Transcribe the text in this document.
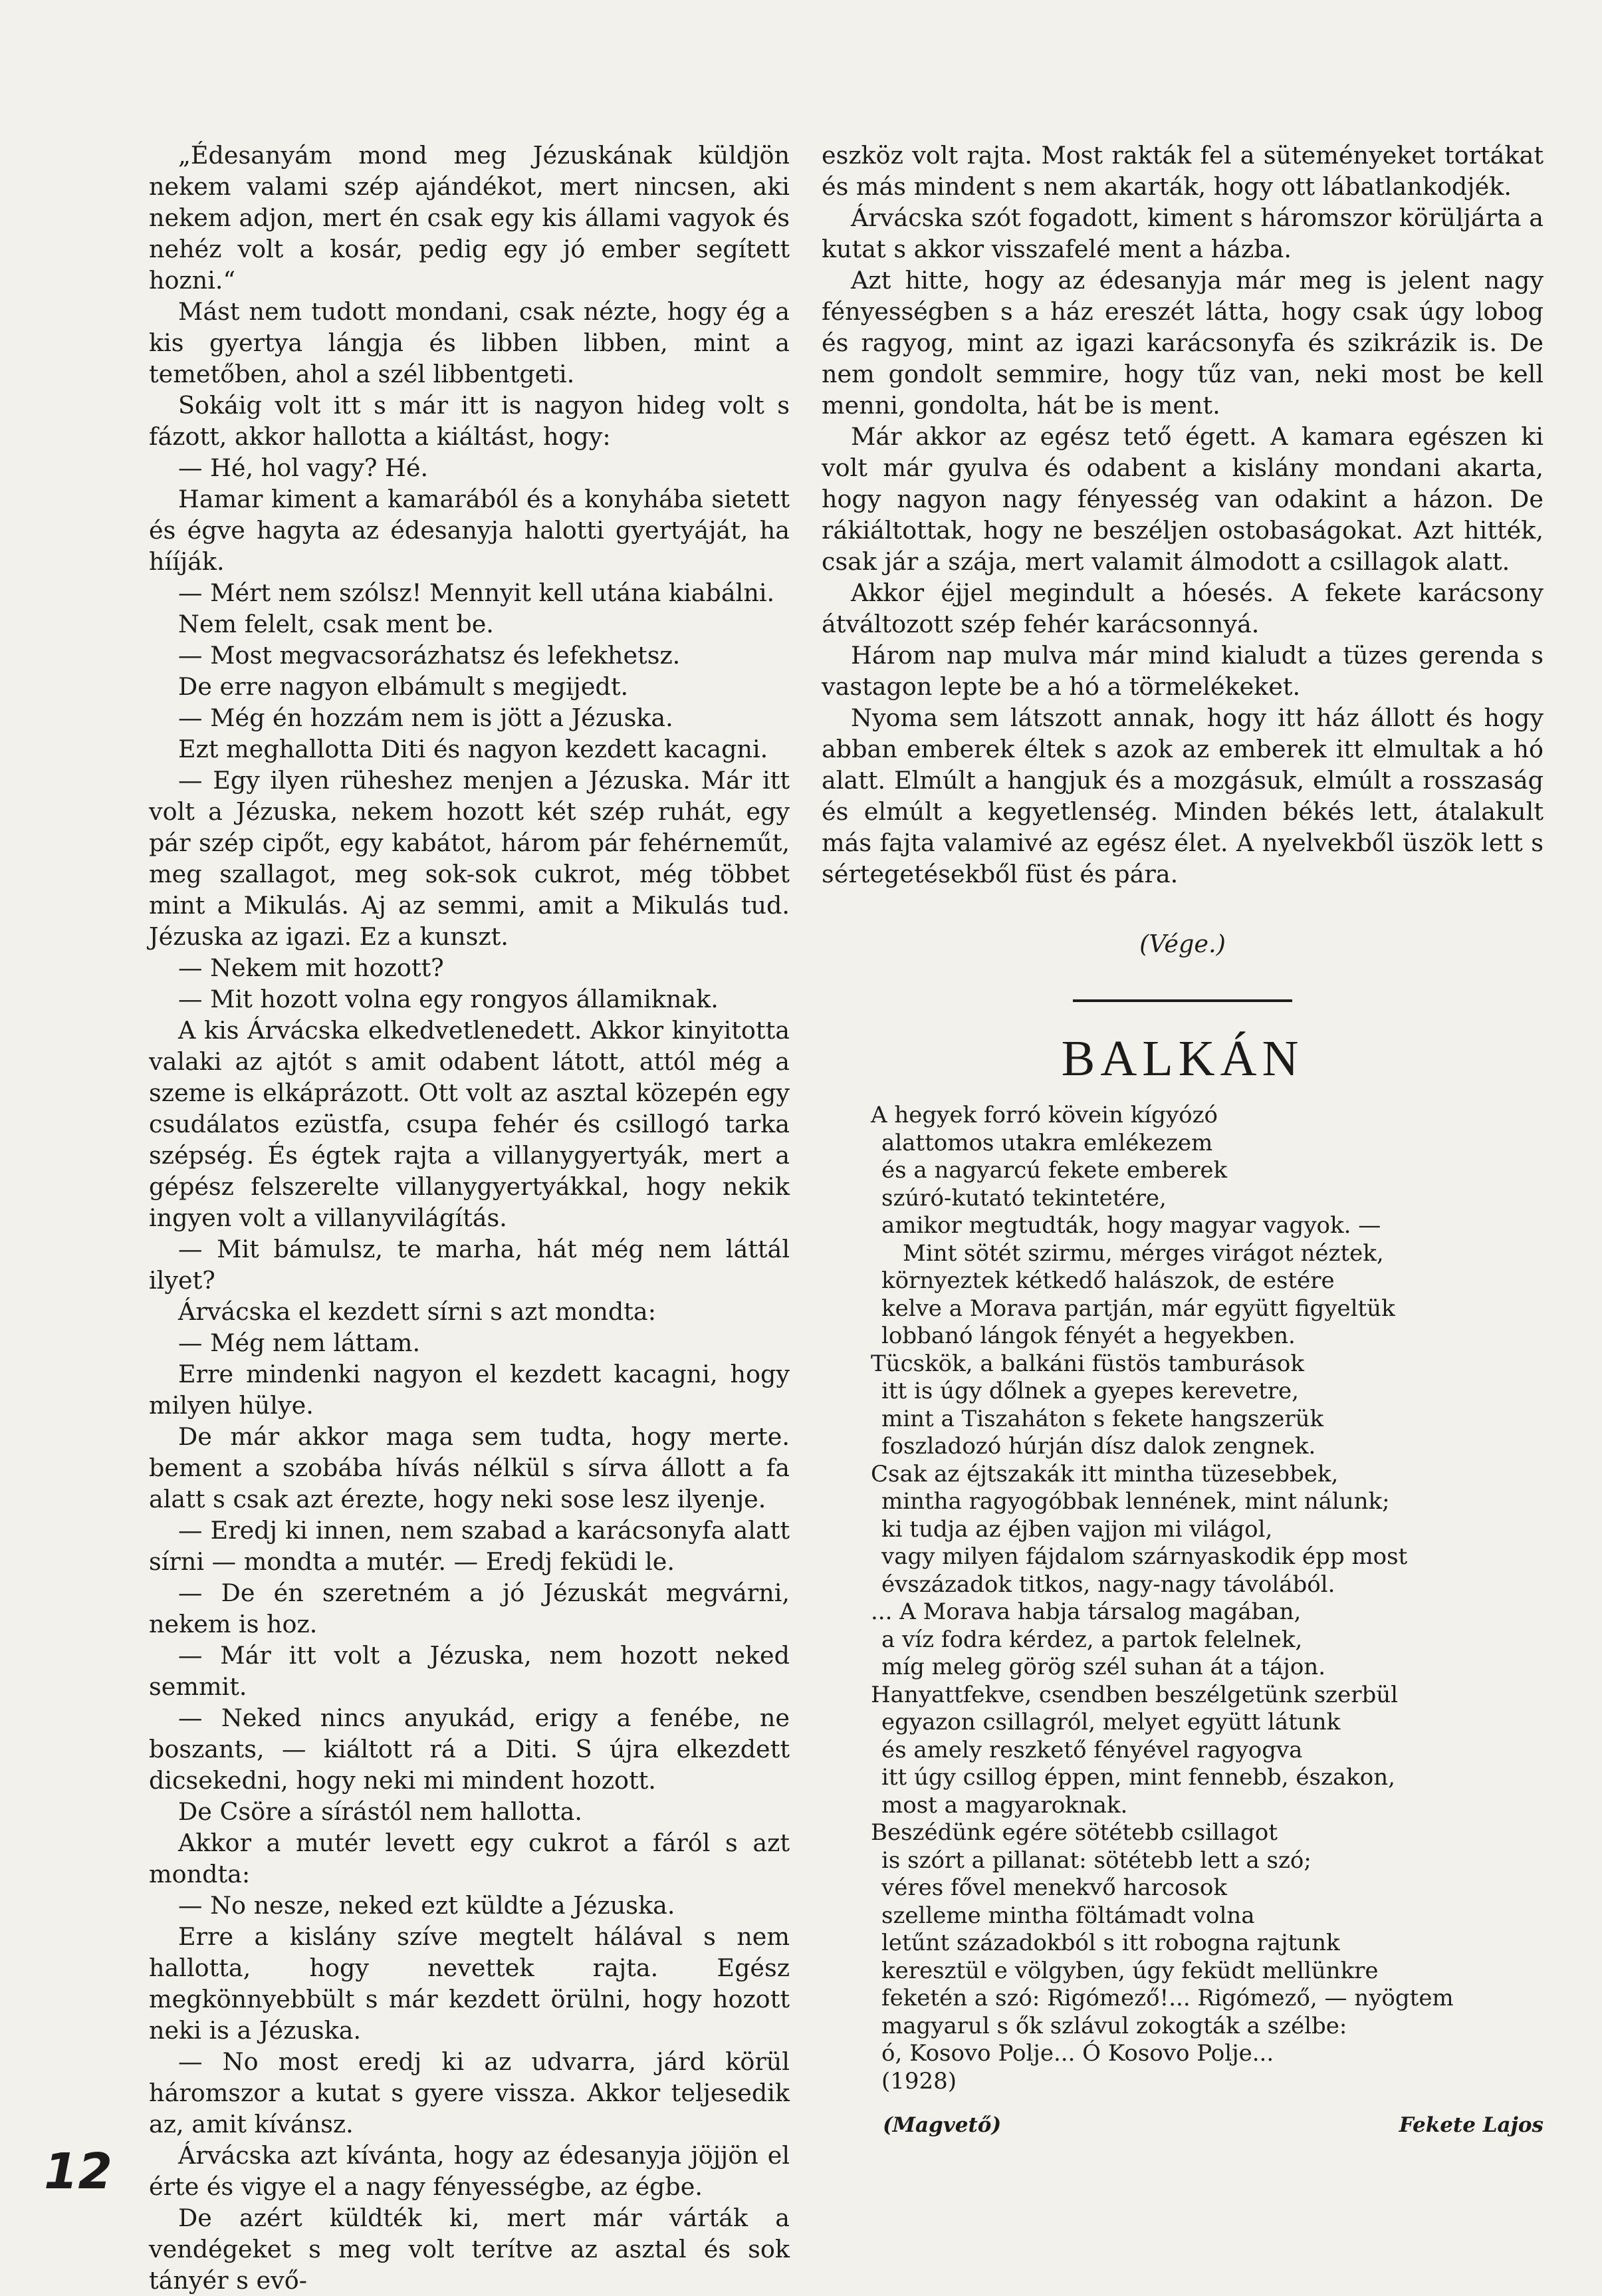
„Édesanyám mond meg Jézuskának küldjön nekem valami szép ajándékot, mert nincsen, aki nekem adjon, mert én csak egy kis állami vagyok és nehéz volt a kosár, pedig egy jó ember segített hozni.“

Mást nem tudott mondani, csak nézte, hogy ég a kis gyertya lángja és libben libben, mint a temetőben, ahol a szél libbentgeti.

Sokáig volt itt s már itt is nagyon hideg volt s fázott, akkor hallotta a kiáltást, hogy:

— Hé, hol vagy? Hé.

Hamar kiment a kamarából és a konyhába sietett és égve hagyta az édesanyja halotti gyertyáját, ha hííják.

— Mért nem szólsz! Mennyit kell utána kiabálni.

Nem felelt, csak ment be.

— Most megvacsorázhatsz és lefekhetsz.

De erre nagyon elbámult s megijedt.

— Még én hozzám nem is jött a Jézuska.

Ezt meghallotta Diti és nagyon kezdett kacagni.

— Egy ilyen rüheshez menjen a Jézuska. Már itt volt a Jézuska, nekem hozott két szép ruhát, egy pár szép cipőt, egy kabátot, három pár fehérneműt, meg szallagot, meg sok-sok cukrot, még többet mint a Mikulás. Aj az semmi, amit a Mikulás tud. Jézuska az igazi. Ez a kunszt.

— Nekem mit hozott?

— Mit hozott volna egy rongyos államiknak.

A kis Árvácska elkedvetlenedett. Akkor kinyitotta valaki az ajtót s amit odabent látott, attól még a szeme is elkáprázott. Ott volt az asztal közepén egy csudálatos ezüstfa, csupa fehér és csillogó tarka szépség. És égtek rajta a villanygyertyák, mert a gépész felszerelte villanygyertyákkal, hogy nekik ingyen volt a villanyvilágítás.

— Mit bámulsz, te marha, hát még nem láttál ilyet?

Árvácska el kezdett sírni s azt mondta:

— Még nem láttam.

Erre mindenki nagyon el kezdett kacagni, hogy milyen hülye.

De már akkor maga sem tudta, hogy merte. bement a szobába hívás nélkül s sírva állott a fa alatt s csak azt érezte, hogy neki sose lesz ilyenje.

— Eredj ki innen, nem szabad a karácsonyfa alatt sírni — mondta a mutér. — Eredj feküdi le.

— De én szeretném a jó Jézuskát megvárni, nekem is hoz.

— Már itt volt a Jézuska, nem hozott neked semmit.

— Neked nincs anyukád, erigy a fenébe, ne boszants, — kiáltott rá a Diti. S újra elkezdett dicsekedni, hogy neki mi mindent hozott.

De Csöre a sírástól nem hallotta.

Akkor a mutér levett egy cukrot a fáról s azt mondta:

— No nesze, neked ezt küldte a Jézuska.

Erre a kislány szíve megtelt hálával s nem hallotta, hogy nevettek rajta. Egész megkönnyebbült s már kezdett örülni, hogy hozott neki is a Jézuska.

— No most eredj ki az udvarra, járd körül háromszor a kutat s gyere vissza. Akkor teljesedik az, amit kívánsz.

Árvácska azt kívánta, hogy az édesanyja jöjjön el érte és vigye el a nagy fényességbe, az égbe.

De azért küldték ki, mert már várták a vendégeket s meg volt terítve az asztal és sok tányér s evő-

eszköz volt rajta. Most rakták fel a süteményeket tortákat és más mindent s nem akarták, hogy ott lábatlankodjék.

Árvácska szót fogadott, kiment s háromszor körüljárta a kutat s akkor visszafelé ment a házba.

Azt hitte, hogy az édesanyja már meg is jelent nagy fényességben s a ház ereszét látta, hogy csak úgy lobog és ragyog, mint az igazi karácsonyfa és szikrázik is. De nem gondolt semmire, hogy tűz van, neki most be kell menni, gondolta, hát be is ment.

Már akkor az egész tető égett. A kamara egészen ki volt már gyulva és odabent a kislány mondani akarta, hogy nagyon nagy fényesség van odakint a házon. De rákiáltottak, hogy ne beszéljen ostobaságokat. Azt hitték, csak jár a szája, mert valamit álmodott a csillagok alatt.

Akkor éjjel megindult a hóesés. A fekete karácsony átváltozott szép fehér karácsonnyá.

Három nap mulva már mind kialudt a tüzes gerenda s vastagon lepte be a hó a törmelékeket.

Nyoma sem látszott annak, hogy itt ház állott és hogy abban emberek éltek s azok az emberek itt elmultak a hó alatt. Elmúlt a hangjuk és a mozgásuk, elmúlt a rosszaság és elmúlt a kegyetlenség. Minden békés lett, átalakult más fajta valamivé az egész élet. A nyelvekből üszök lett s sértegetésekből füst és pára.

(Vége.)

BALKÁN

A hegyek forró kövein kígyózó
alattomos utakra emlékezem
és a nagyarcú fekete emberek
szúró-kutató tekintetére,
amikor megtudták, hogy magyar vagyok. —
Mint sötét szirmu, mérges virágot néztek,
környeztek kétkedő halászok, de estére
kelve a Morava partján, már együtt figyeltük
lobbanó lángok fényét a hegyekben.
Tücskök, a balkáni füstös tamburások
itt is úgy dőlnek a gyepes kerevetre,
mint a Tiszaháton s fekete hangszerük
foszladozó húrján dísz dalok zengnek.
Csak az éjtszakák itt mintha tüzesebbek,
mintha ragyogóbbak lennének, mint nálunk;
ki tudja az éjben vajjon mi világol,
vagy milyen fájdalom szárnyaskodik épp most
évszázadok titkos, nagy-nagy távolából.
... A Morava habja társalog magában,
a víz fodra kérdez, a partok felelnek,
míg meleg görög szél suhan át a tájon.
Hanyattfekve, csendben beszélgetünk szerbül
egyazon csillagról, melyet együtt látunk
és amely reszkető fényével ragyogva
itt úgy csillog éppen, mint fennebb, északon,
most a magyaroknak.
Beszédünk egére sötétebb csillagot
is szórt a pillanat: sötétebb lett a szó;
véres fővel menekvő harcosok
szelleme mintha föltámadt volna
letűnt századokból s itt robogna rajtunk
keresztül e völgyben, úgy feküdt mellünkre
feketén a szó: Rigómező!... Rigómező, — nyögtem
magyarul s ők szlávul zokogták a szélbe:
ó, Kosovo Polje... Ó Kosovo Polje...
(1928)
(Magvető)	Fekete Lajos
12
